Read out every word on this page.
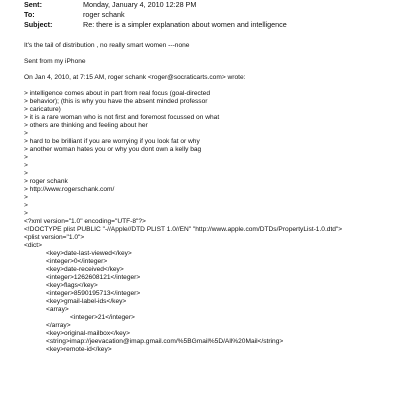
Sent:	Monday, January 4, 2010 12:28 PM
To:	roger schank
Subject:	Re: there is a simpler explanation about women and intelligence
It's the tail of distribution , no really smart women ---none
Sent from my iPhone
On Jan 4, 2010, at 7:15 AM, roger schank <roger@socraticarts.com> wrote:
> intelligence comes about in part from real focus (goal-directed
> behavior); (this is why you have the absent minded professor
> caricature)
> it is a rare woman who is not first and foremost focussed on what
> others are thinking and feeling about her
>
> hard to be brilliant if you are worrying if you look fat or why
> another woman hates you or why you dont own a kelly bag
>
>
>
> roger schank
> http://www.rogerschank.com/
>
>
>
<?xml version="1.0" encoding="UTF-8"?>
<!DOCTYPE plist PUBLIC "-//Apple//DTD PLIST 1.0//EN" "http://www.apple.com/DTDs/PropertyList-1.0.dtd">
<plist version="1.0">
<dict>
<key>date-last-viewed</key>
<integer>0</integer>
<key>date-received</key>
<integer>1262608121</integer>
<key>flags</key>
<integer>8590195713</integer>
<key>gmail-label-ids</key>
<array>
<integer>21</integer>
</array>
<key>original-mailbox</key>
<string>imap://jeevacation@imap.gmail.com/%5BGmail%5D/All%20Mail</string>
<key>remote-id</key>
